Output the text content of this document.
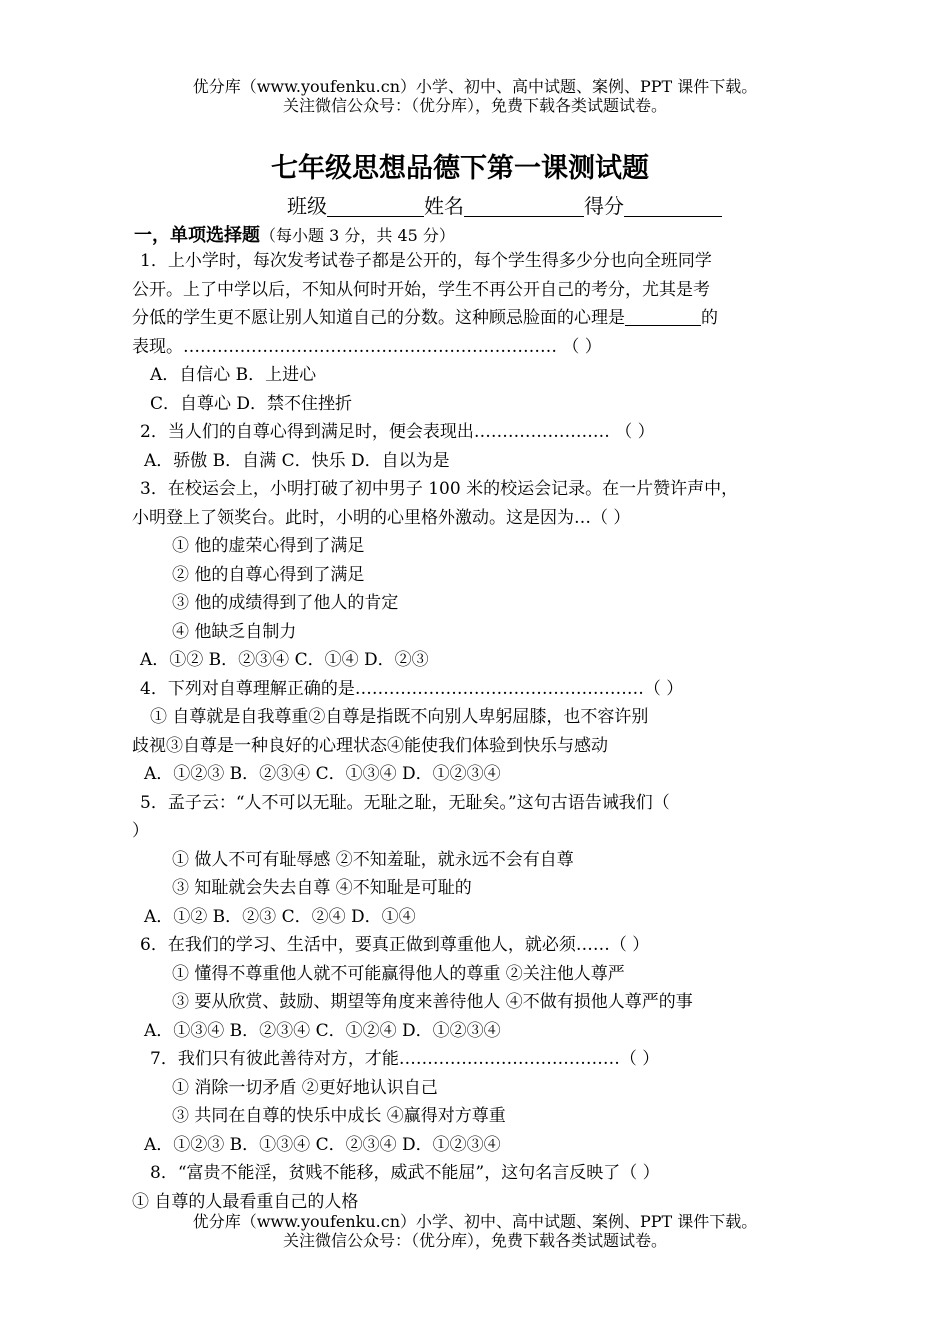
优分库（www.youfenku.cn）小学、初中、高中试题、案例、PPT 课件下载。
关注微信公众号：（优分库），免费下载各类试题试卷。
七年级思想品德下第一课测试题
班级	姓名	得分
一，单项选择题（每小题 3 分，共 45 分）
1．上小学时，每次发考试卷子都是公开的，每个学生得多少分也向全班同学
公开。上了中学以后，不知从何时开始，学生不再公开自己的考分，尤其是考
分低的学生更不愿让别人知道自己的分数。这种顾忌脸面的心理是	的
表现。………………………………………………………… （ ）
A．自信心 B．上进心
C．自尊心 D．禁不住挫折
2．当人们的自尊心得到满足时，便会表现出…………………… （ ）
A．骄傲 B．自满 C．快乐 D．自以为是
3．在校运会上，小明打破了初中男子 100 米的校运会记录。在一片赞许声中，
小明登上了领奖台。此时，小明的心里格外激动。这是因为…（ ）
① 他的虚荣心得到了满足
② 他的自尊心得到了满足
③ 他的成绩得到了他人的肯定
④ 他缺乏自制力
A．①② B．②③④ C．①④ D．②③
4．下列对自尊理解正确的是……………………………………………（ ）
① 自尊就是自我尊重②自尊是指既不向别人卑躬屈膝，也不容许别
歧视③自尊是一种良好的心理状态④能使我们体验到快乐与感动
A．①②③ B．②③④ C．①③④ D．①②③④
5．孟子云：“人不可以无耻。无耻之耻，无耻矣。”这句古语告诫我们（
）
① 做人不可有耻辱感 ②不知羞耻，就永远不会有自尊
③ 知耻就会失去自尊 ④不知耻是可耻的
A．①② B．②③ C．②④ D．①④
6．在我们的学习、生活中，要真正做到尊重他人，就必须……（ ）
① 懂得不尊重他人就不可能赢得他人的尊重 ②关注他人尊严
③ 要从欣赏、鼓励、期望等角度来善待他人 ④不做有损他人尊严的事
A．①③④ B．②③④ C．①②④ D．①②③④
7．我们只有彼此善待对方，才能…………………………………（ ）
① 消除一切矛盾 ②更好地认识自己
③ 共同在自尊的快乐中成长 ④赢得对方尊重
A．①②③ B．①③④ C．②③④ D．①②③④
8．“富贵不能淫，贫贱不能移，威武不能屈”，这句名言反映了（ ）
① 自尊的人最看重自己的人格
优分库（www.youfenku.cn）小学、初中、高中试题、案例、PPT 课件下载。
关注微信公众号：（优分库），免费下载各类试题试卷。
